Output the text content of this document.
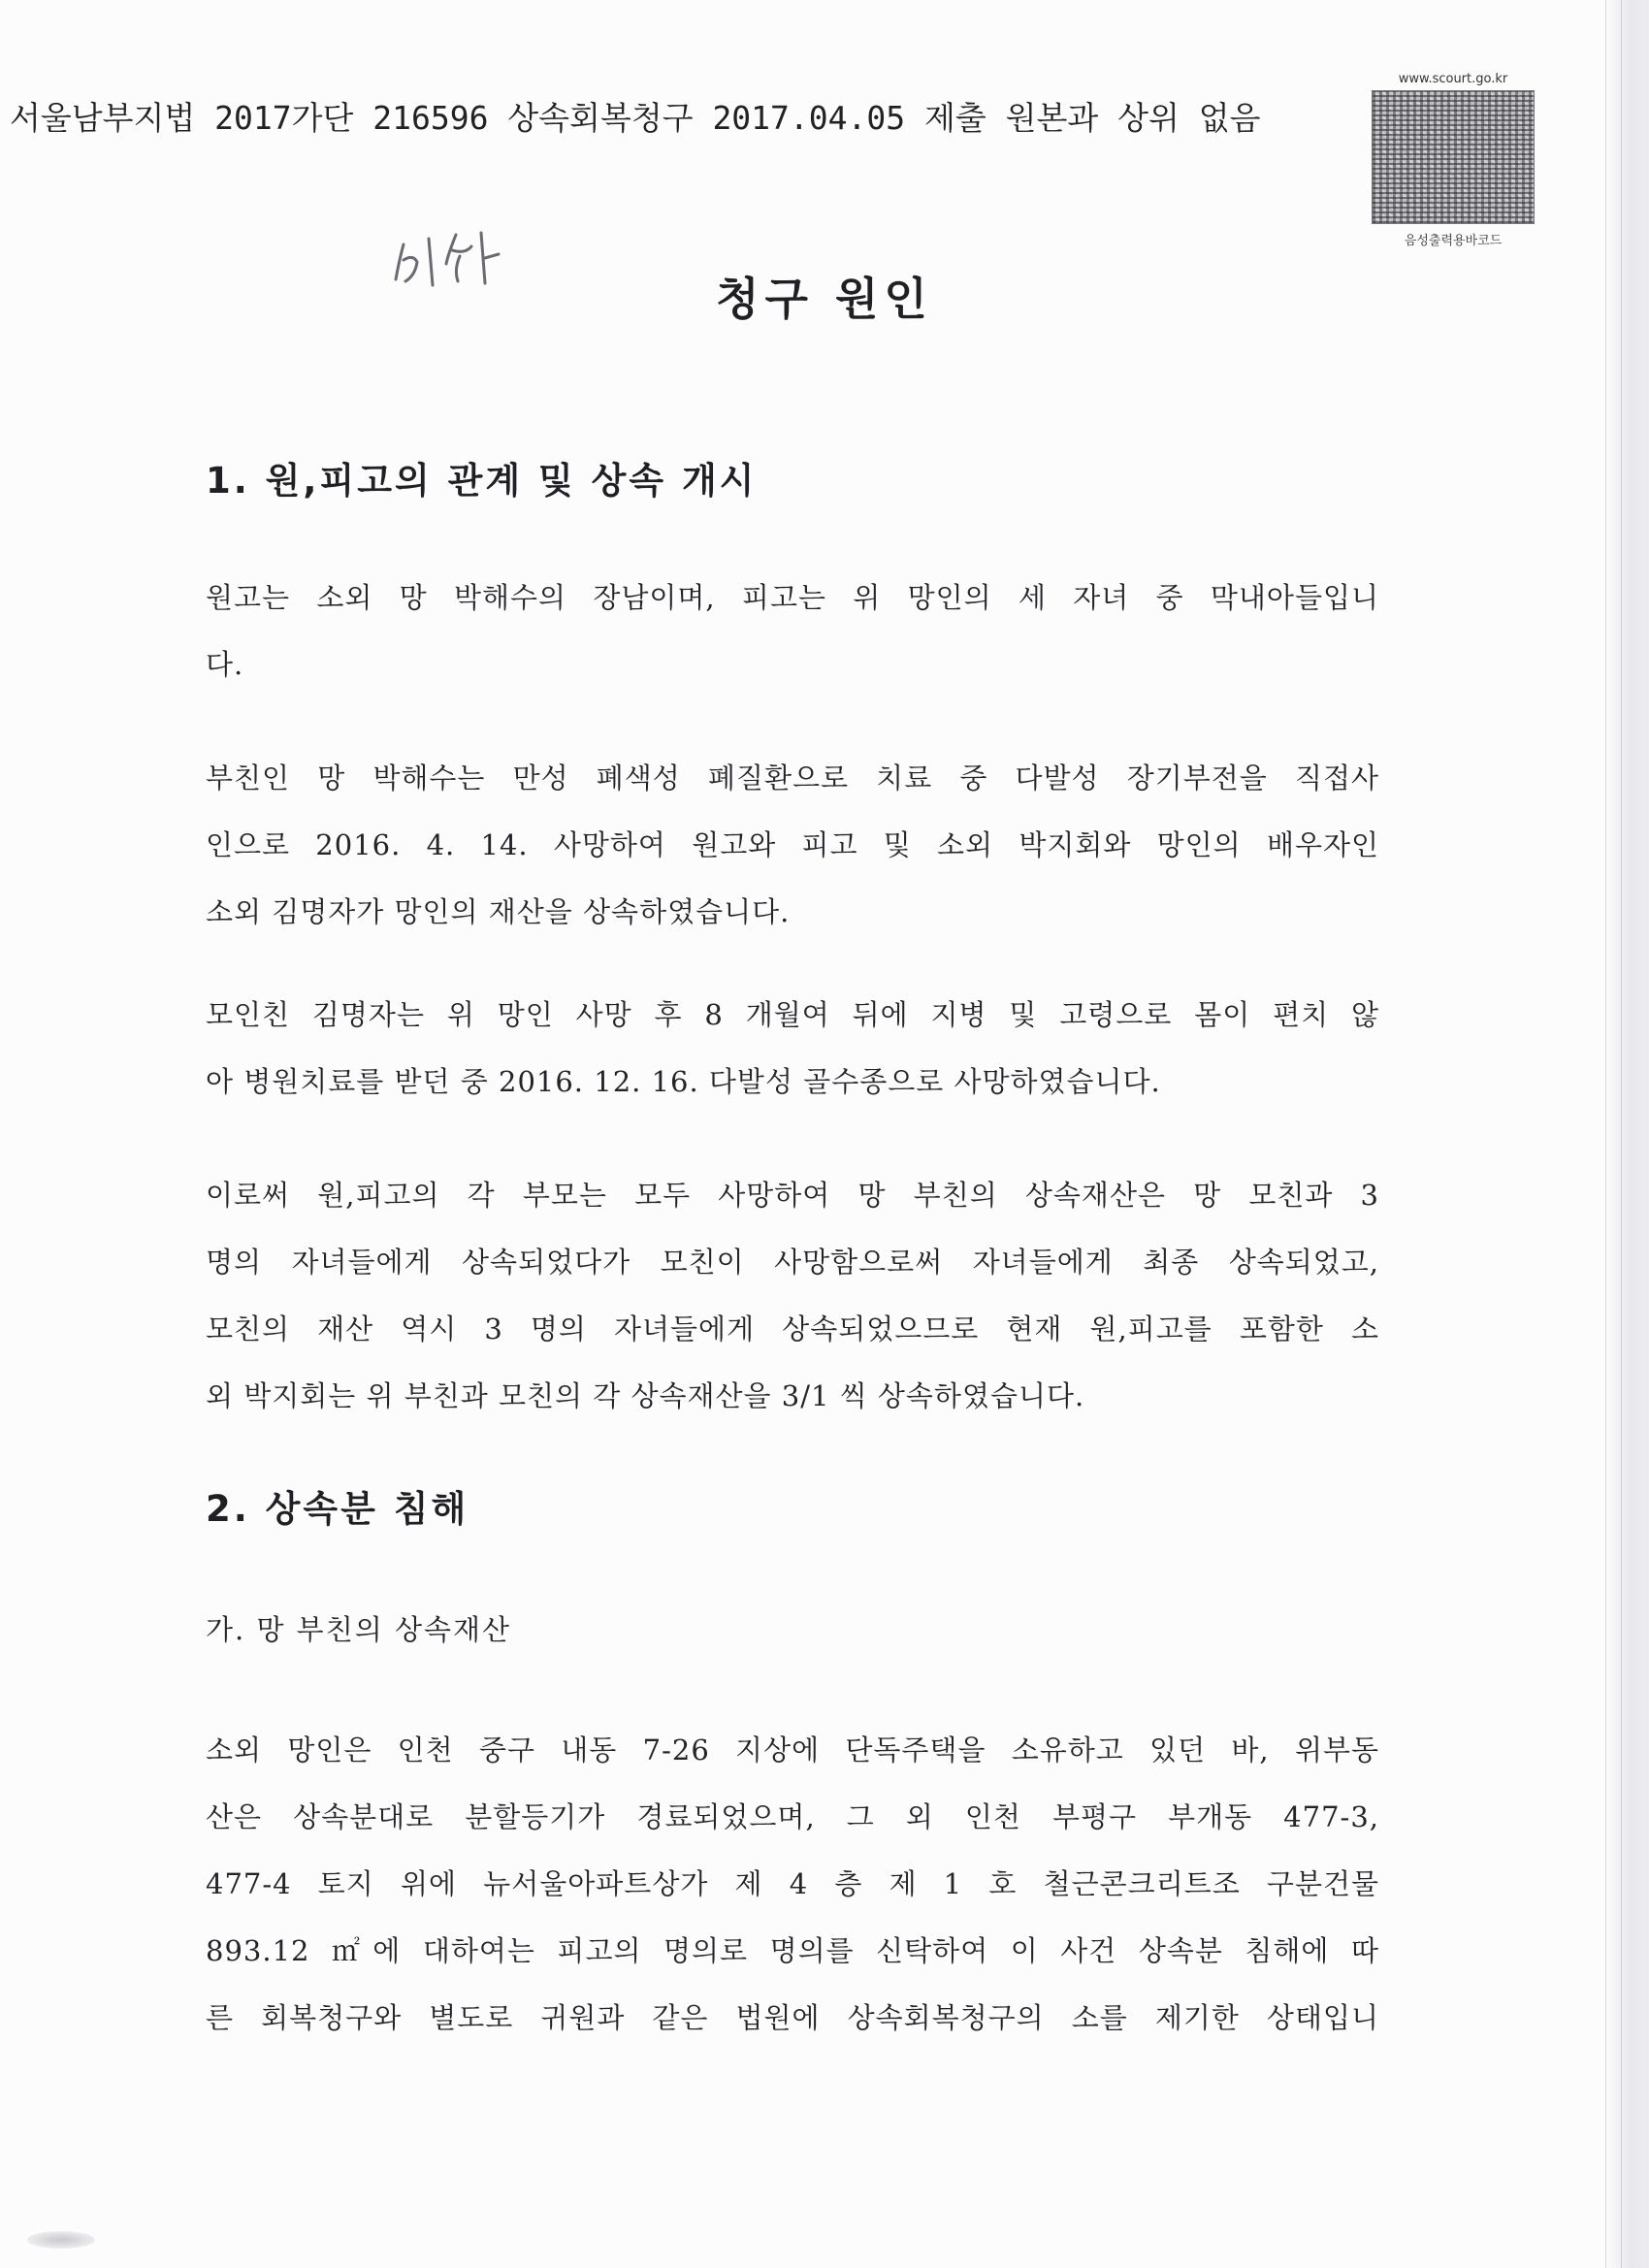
서울남부지법 2017가단 216596 상속회복청구 2017.04.05 제출 원본과 상위 없음
www.scourt.go.kr
음성출력용바코드
청구 원인
1. 원,피고의 관계 및 상속 개시
원고는 소외 망 박해수의 장남이며, 피고는 위 망인의 세 자녀 중 막내아들입니
다.
부친인 망 박해수는 만성 폐색성 폐질환으로 치료 중 다발성 장기부전을 직접사
인으로 2016. 4. 14. 사망하여 원고와 피고 및 소외 박지회와 망인의 배우자인
소외 김명자가 망인의 재산을 상속하였습니다.
모인친 김명자는 위 망인 사망 후 8 개월여 뒤에 지병 및 고령으로 몸이 편치 않
아 병원치료를 받던 중 2016. 12. 16. 다발성 골수종으로 사망하였습니다.
이로써 원,피고의 각 부모는 모두 사망하여 망 부친의 상속재산은 망 모친과 3
명의 자녀들에게 상속되었다가 모친이 사망함으로써 자녀들에게 최종 상속되었고,
모친의 재산 역시 3 명의 자녀들에게 상속되었으므로 현재 원,피고를 포함한 소
외 박지회는 위 부친과 모친의 각 상속재산을 3/1 씩 상속하였습니다.
2. 상속분 침해
가. 망 부친의 상속재산
소외 망인은 인천 중구 내동 7-26 지상에 단독주택을 소유하고 있던 바, 위부동
산은 상속분대로 분할등기가 경료되었으며, 그 외 인천 부평구 부개동 477-3,
477-4 토지 위에 뉴서울아파트상가 제 4 층 제 1 호 철근콘크리트조 구분건물
893.12 ㎡에 대하여는 피고의 명의로 명의를 신탁하여 이 사건 상속분 침해에 따
른 회복청구와 별도로 귀원과 같은 법원에 상속회복청구의 소를 제기한 상태입니
